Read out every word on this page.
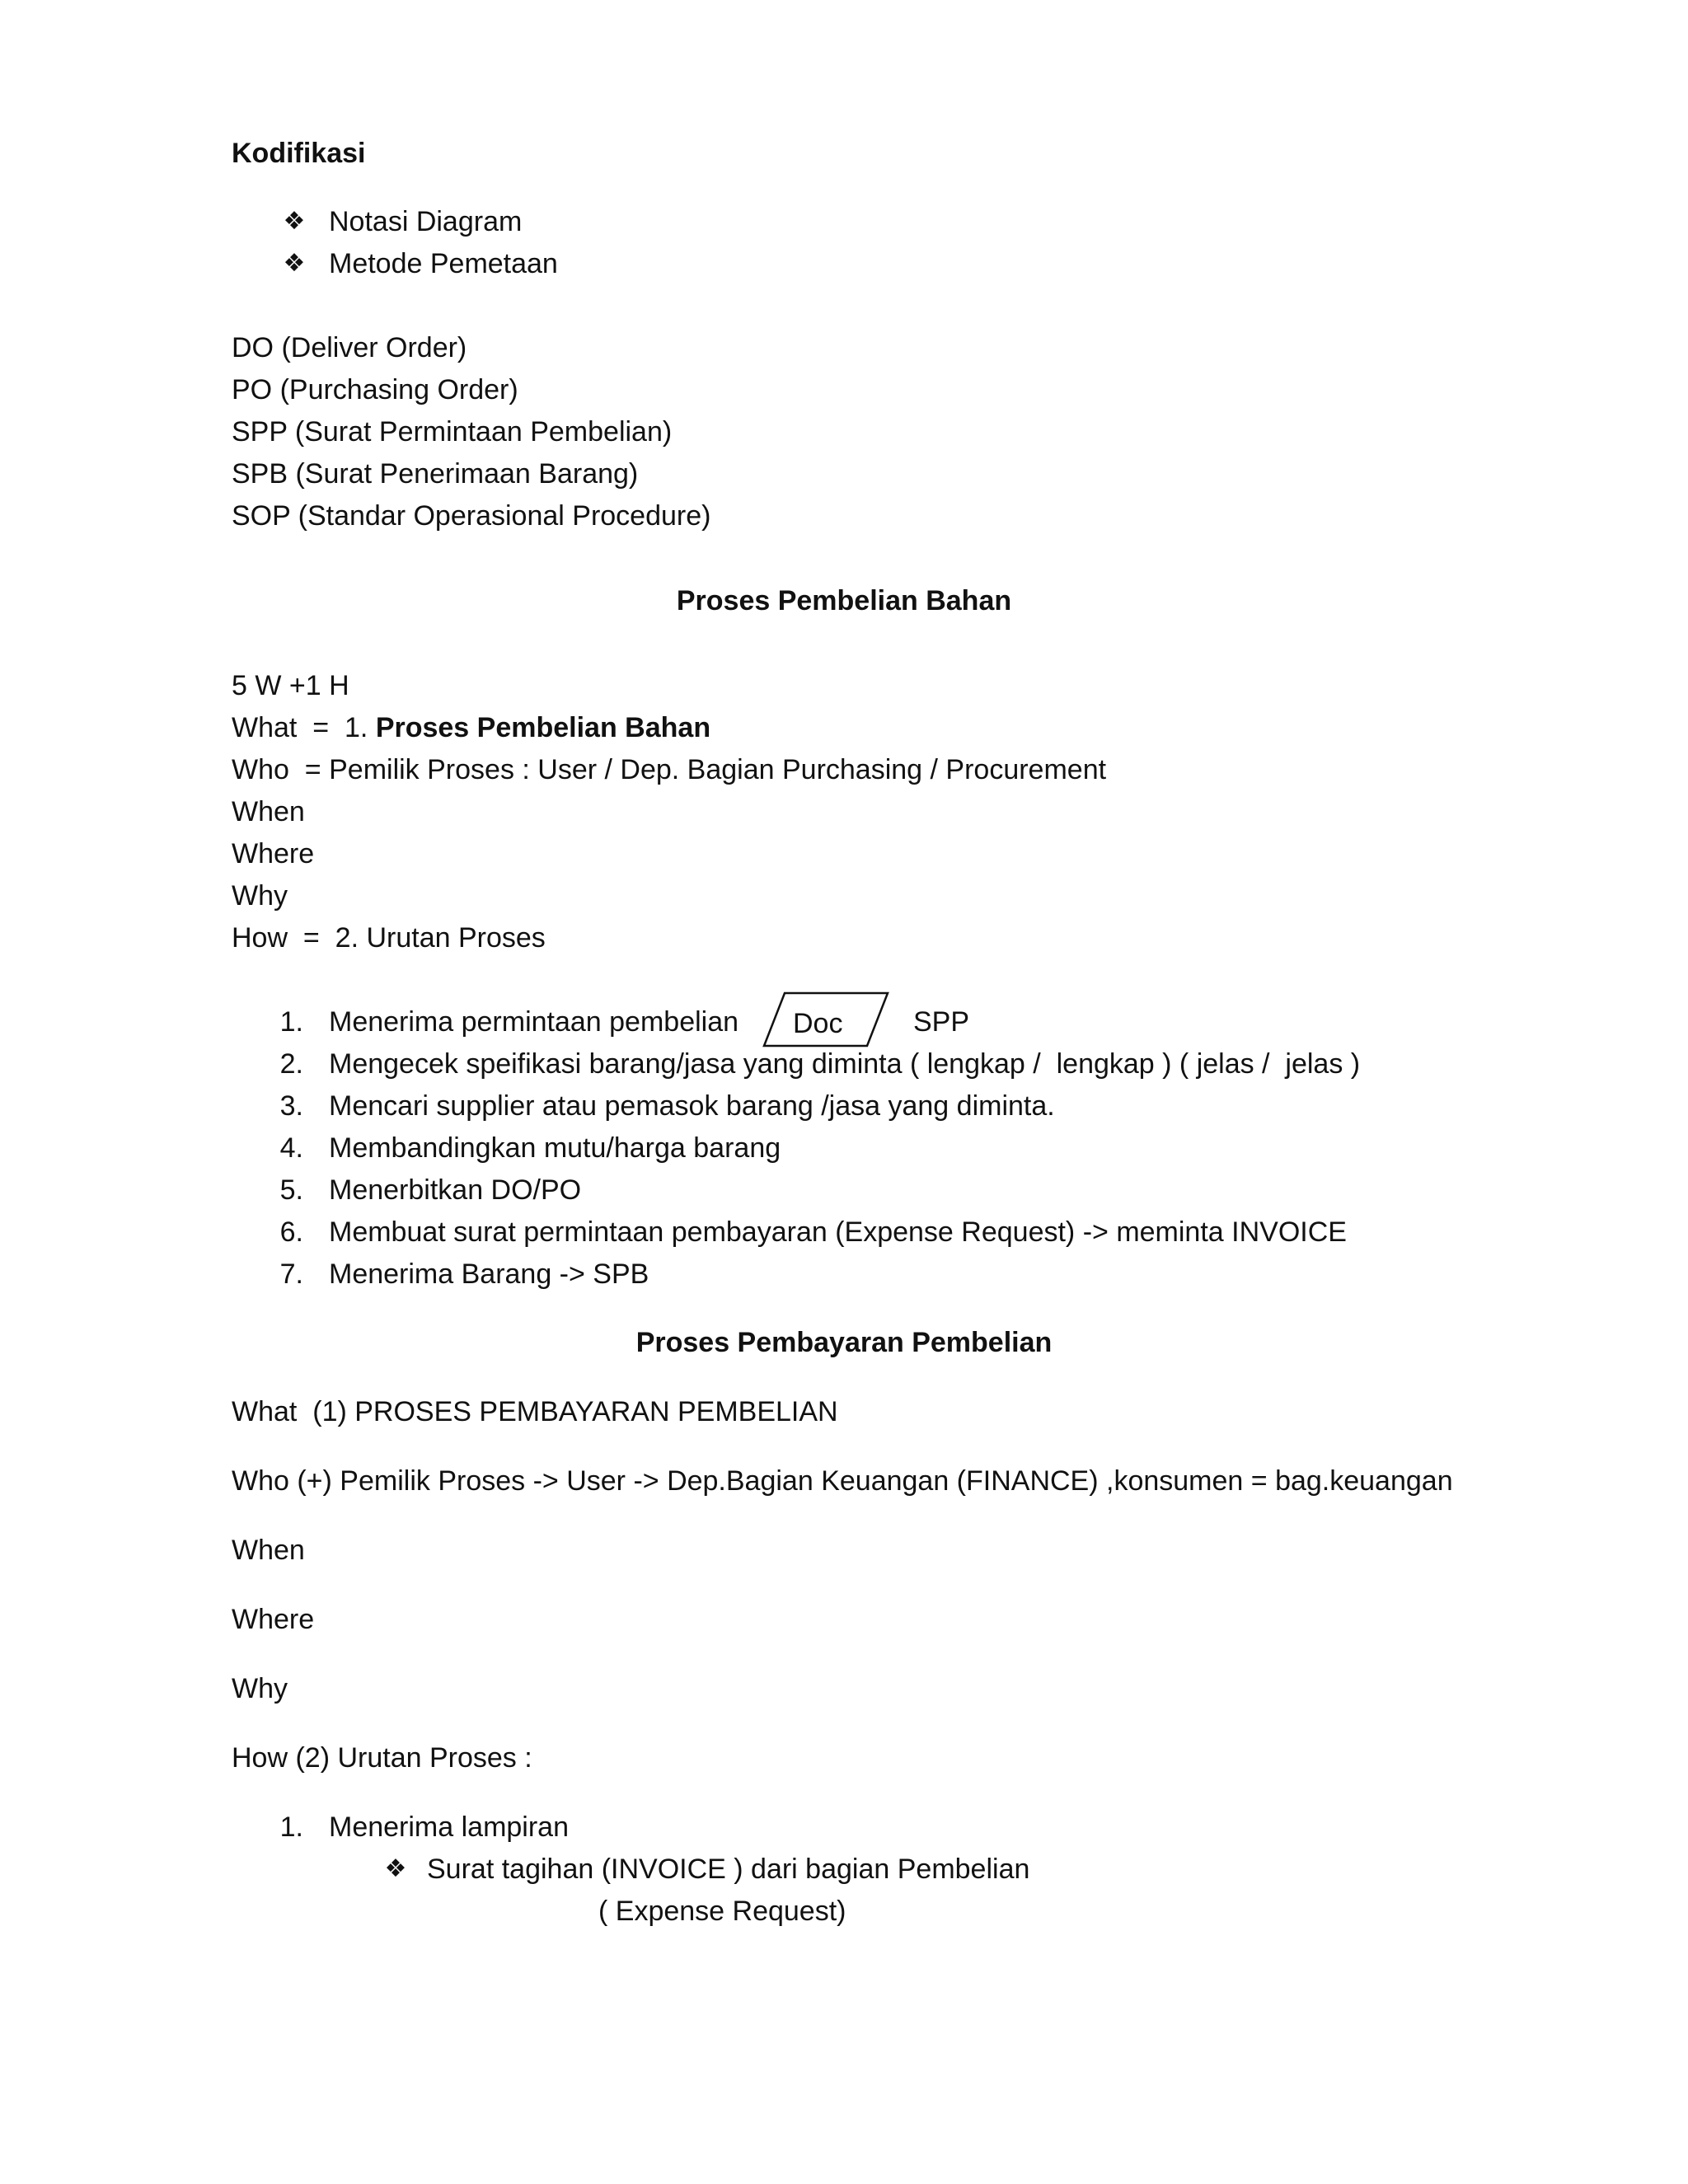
Kodifikasi
❖ Notasi Diagram
❖ Metode Pemetaan
DO (Deliver Order)
PO (Purchasing Order)
SPP (Surat Permintaan Pembelian)
SPB (Surat Penerimaan Barang)
SOP (Standar Operasional Procedure)
Proses Pembelian Bahan
5 W +1 H
What  =  1. Proses Pembelian Bahan
Who  = Pemilik Proses : User / Dep. Bagian Purchasing / Procurement
When
Where
Why
How  =  2. Urutan Proses
1. Menerima permintaan pembelian Doc	SPP
2. Mengecek speifikasi barang/jasa yang diminta ( lengkap /  lengkap ) ( jelas /  jelas )
3. Mencari supplier atau pemasok barang /jasa yang diminta.
4. Membandingkan mutu/harga barang
5. Menerbitkan DO/PO
6. Membuat surat permintaan pembayaran (Expense Request) -> meminta INVOICE
7. Menerima Barang -> SPB
Proses Pembayaran Pembelian
What  (1) PROSES PEMBAYARAN PEMBELIAN
Who (+) Pemilik Proses -> User -> Dep.Bagian Keuangan (FINANCE) ,konsumen = bag.keuangan
When
Where
Why
How (2) Urutan Proses :
1. Menerima lampiran
❖ Surat tagihan (INVOICE ) dari bagian Pembelian
( Expense Request)
